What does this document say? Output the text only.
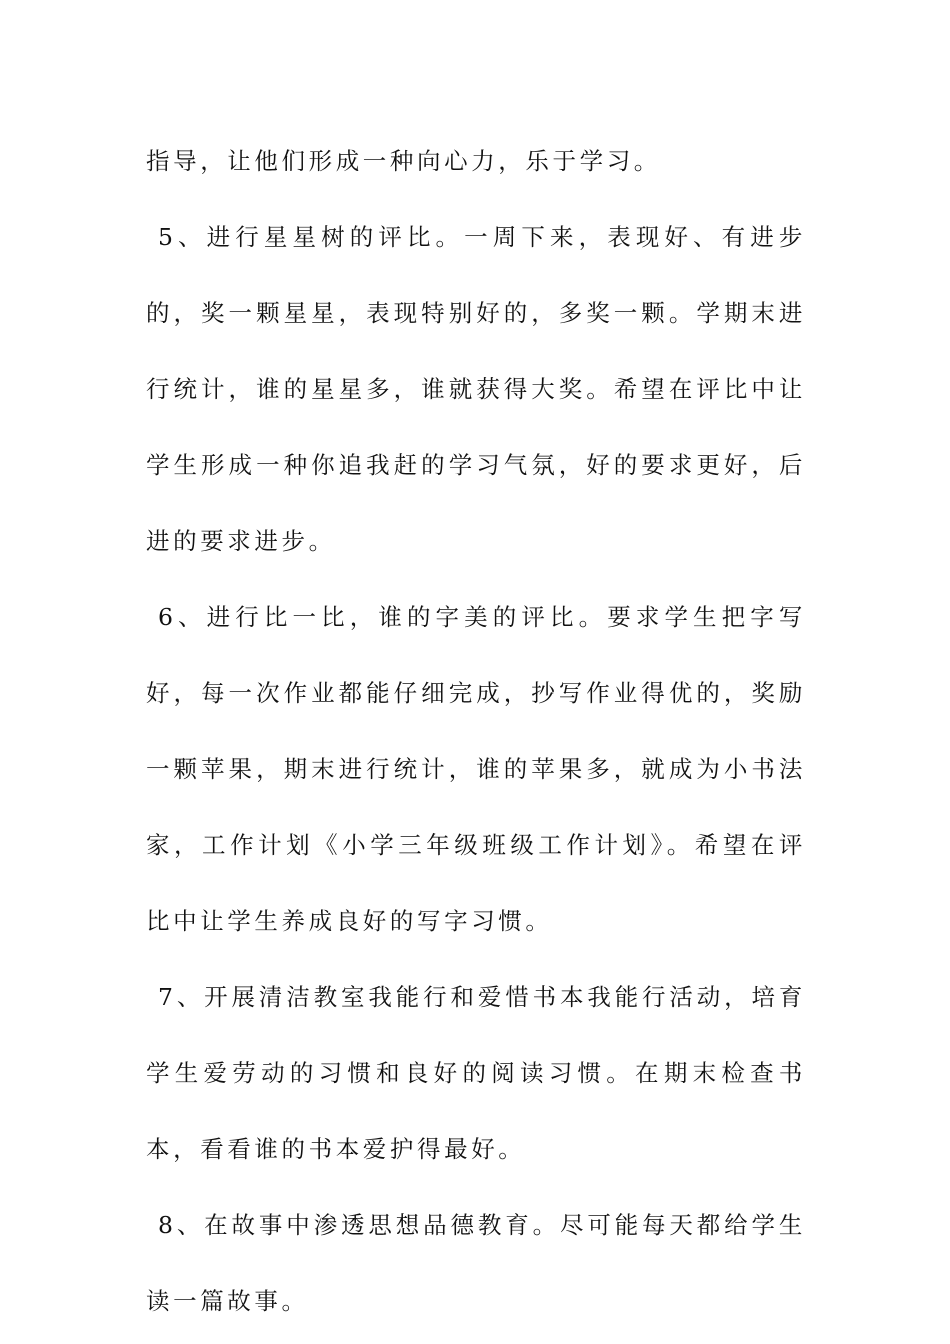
指导，让他们形成一种向心力，乐于学习。

5、进行星星树的评比。一周下来，表现好、有进步的，奖一颗星星，表现特别好的，多奖一颗。学期末进行统计，谁的星星多，谁就获得大奖。希望在评比中让学生形成一种你追我赶的学习气氛，好的要求更好，后进的要求进步。

6、进行比一比，谁的字美的评比。要求学生把字写好，每一次作业都能仔细完成，抄写作业得优的，奖励一颗苹果，期末进行统计，谁的苹果多，就成为小书法家，工作计划《小学三年级班级工作计划》。希望在评比中让学生养成良好的写字习惯。

7、开展清洁教室我能行和爱惜书本我能行活动，培育学生爱劳动的习惯和良好的阅读习惯。在期末检查书本，看看谁的书本爱护得最好。

8、在故事中渗透思想品德教育。尽可能每天都给学生读一篇故事。
